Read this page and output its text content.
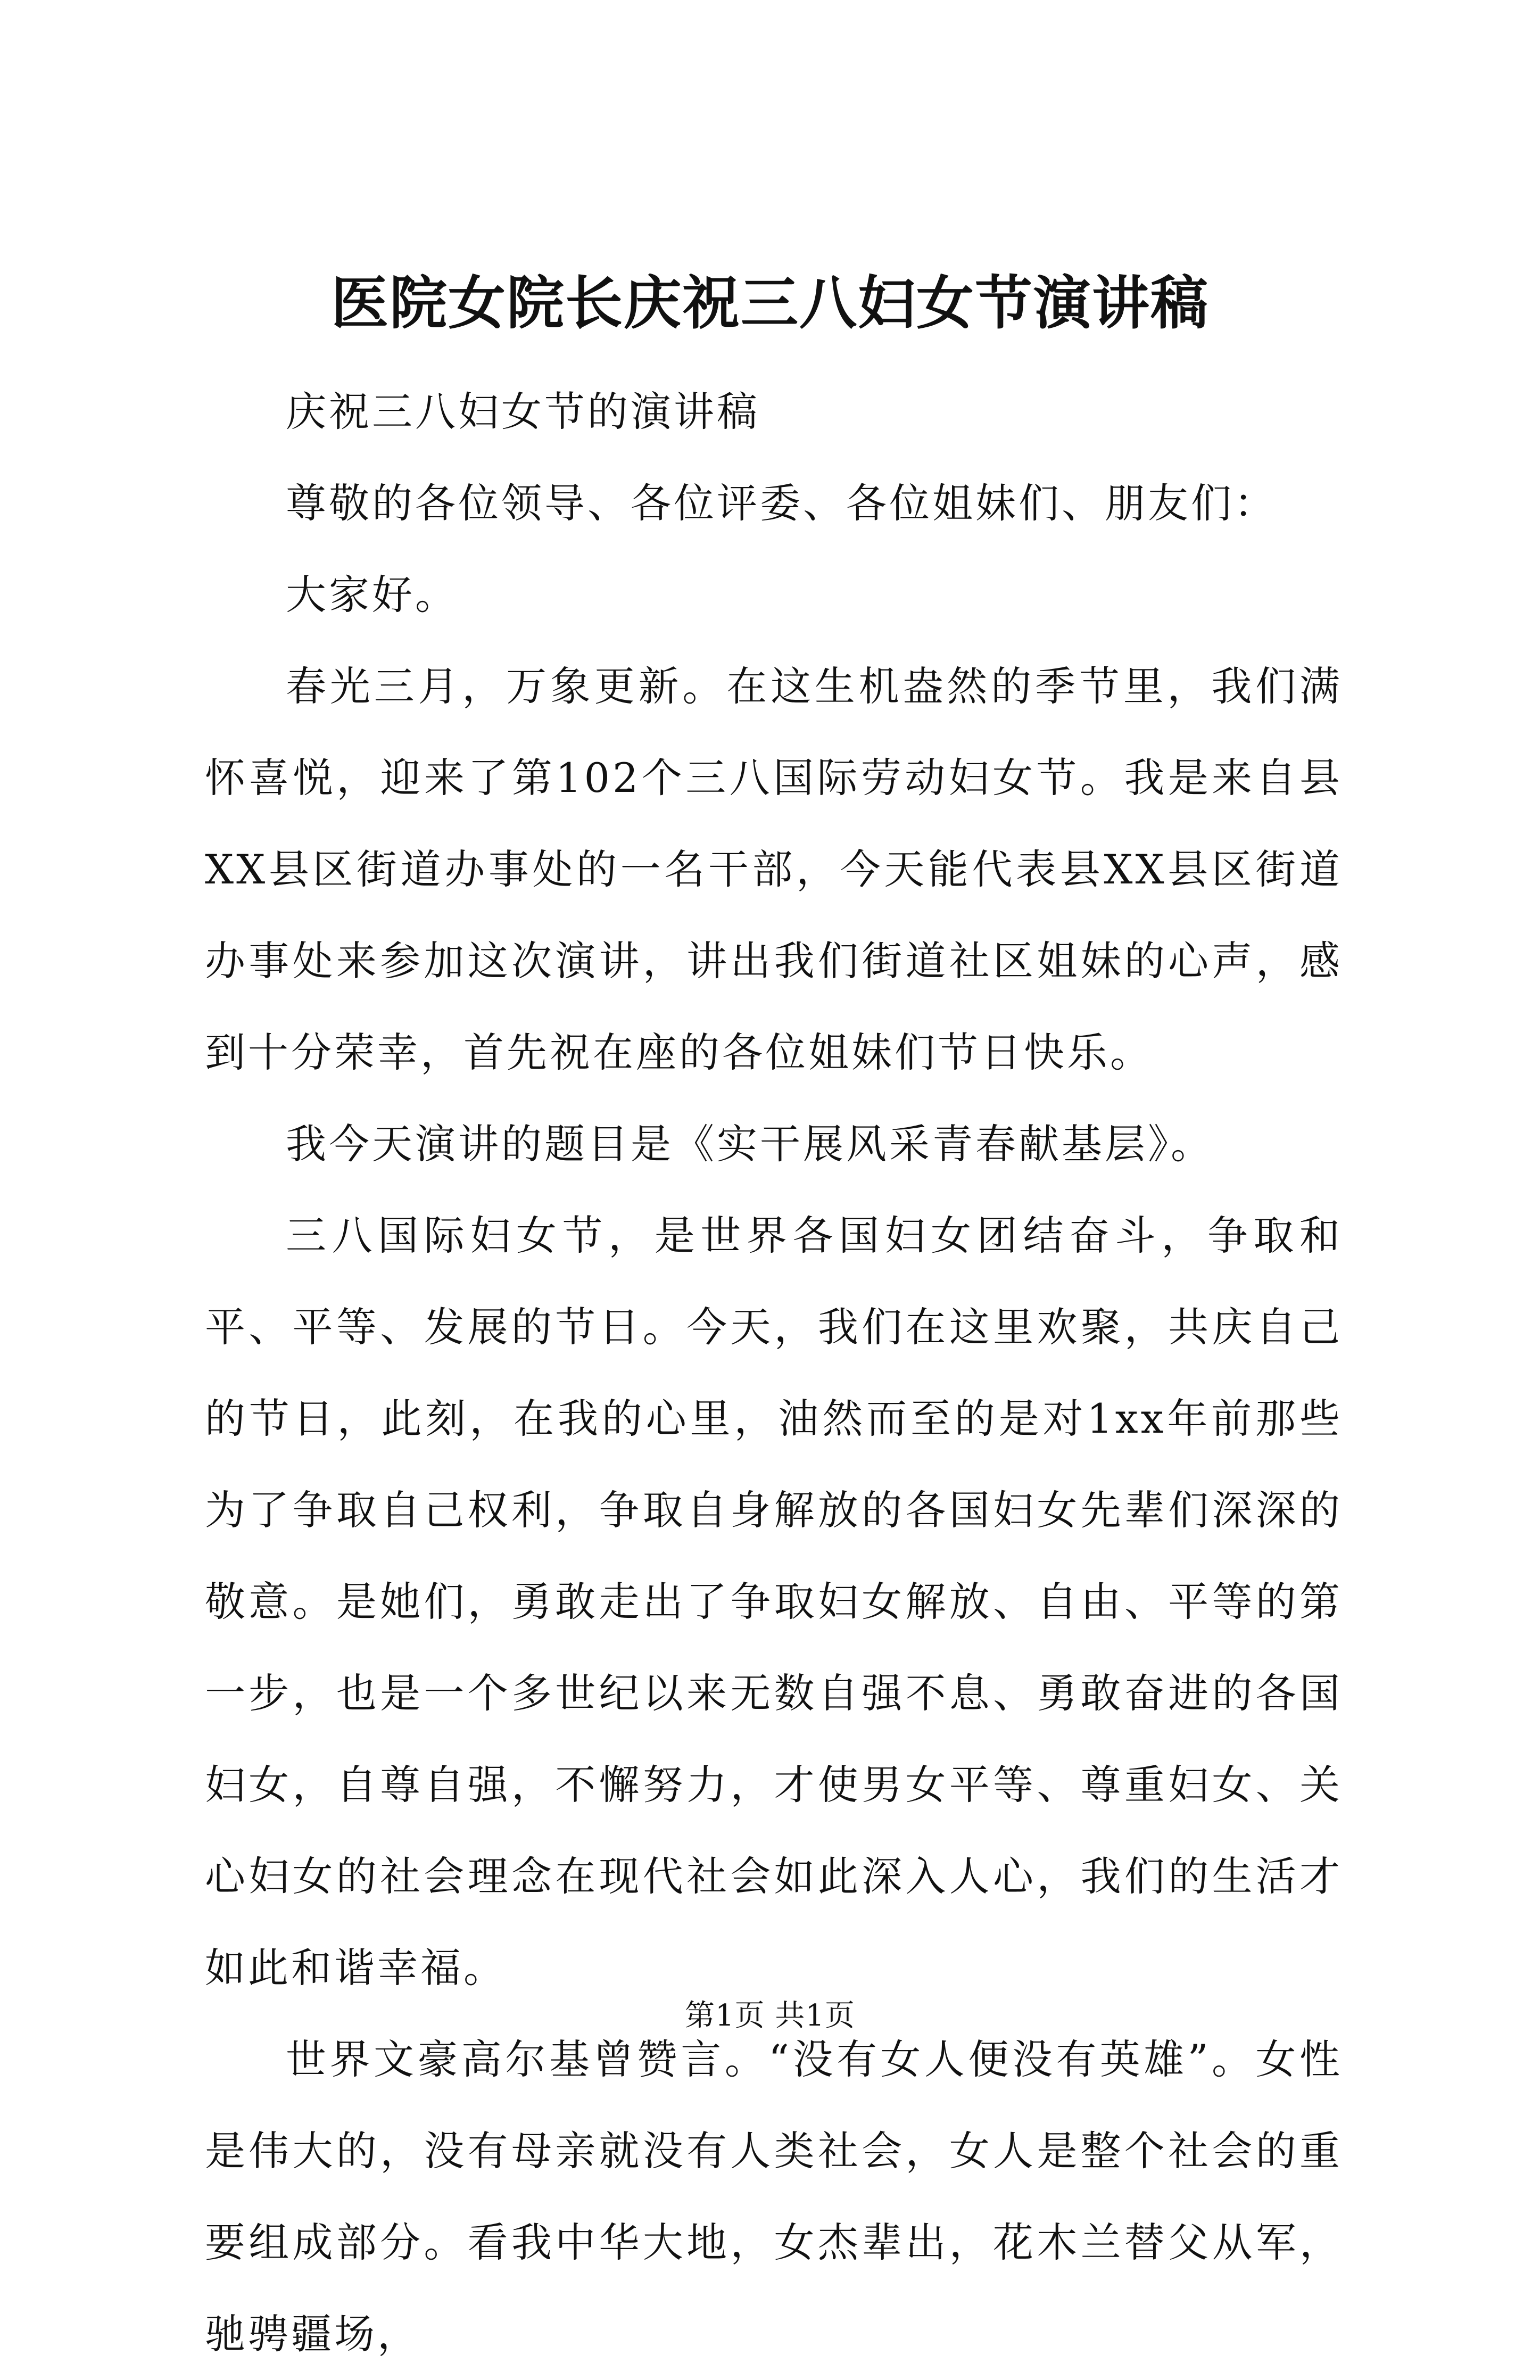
医院女院长庆祝三八妇女节演讲稿

庆祝三八妇女节的演讲稿

尊敬的各位领导、各位评委、各位姐妹们、朋友们：

大家好。

春光三月，万象更新。在这生机盎然的季节里，我们满怀喜悦，迎来了第102个三八国际劳动妇女节。我是来自县XX县区街道办事处的一名干部，今天能代表县XX县区街道办事处来参加这次演讲，讲出我们街道社区姐妹的心声，感到十分荣幸，首先祝在座的各位姐妹们节日快乐。

我今天演讲的题目是《实干展风采青春献基层》。

三八国际妇女节，是世界各国妇女团结奋斗，争取和平、平等、发展的节日。今天，我们在这里欢聚，共庆自己的节日，此刻，在我的心里，油然而至的是对1xx年前那些为了争取自己权利，争取自身解放的各国妇女先辈们深深的敬意。是她们，勇敢走出了争取妇女解放、自由、平等的第一步，也是一个多世纪以来无数自强不息、勇敢奋进的各国妇女，自尊自强，不懈努力，才使男女平等、尊重妇女、关心妇女的社会理念在现代社会如此深入人心，我们的生活才如此和谐幸福。

世界文豪高尔基曾赞言。“没有女人便没有英雄”。女性是伟大的，没有母亲就没有人类社会，女人是整个社会的重要组成部分。看我中华大地，女杰辈出，花木兰替父从军，驰骋疆场，

第1页 共1页
